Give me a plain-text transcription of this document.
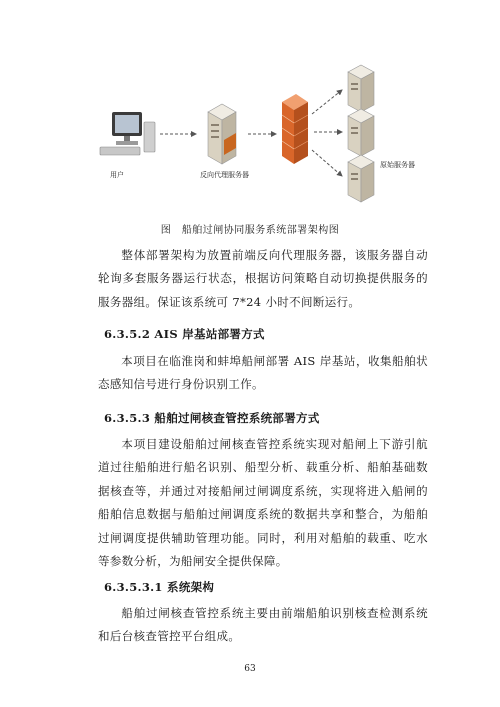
用户	反向代理服务器
原始服务器
图　船舶过闸协同服务系统部署架构图
整体部署架构为放置前端反向代理服务器，该服务器自动轮询多套服务器运行状态，根据访问策略自动切换提供服务的服务器组。保证该系统可 7*24 小时不间断运行。
6.3.5.2 AIS 岸基站部署方式
本项目在临淮岗和蚌埠船闸部署 AIS 岸基站，收集船舶状态感知信号进行身份识别工作。
6.3.5.3 船舶过闸核查管控系统部署方式
本项目建设船舶过闸核查管控系统实现对船闸上下游引航道过往船舶进行船名识别、船型分析、载重分析、船舶基础数据核查等，并通过对接船闸过闸调度系统，实现将进入船闸的船舶信息数据与船舶过闸调度系统的数据共享和整合，为船舶过闸调度提供辅助管理功能。同时，利用对船舶的载重、吃水等参数分析，为船闸安全提供保障。
6.3.5.3.1 系统架构
船舶过闸核查管控系统主要由前端船舶识别核查检测系统和后台核查管控平台组成。
63
